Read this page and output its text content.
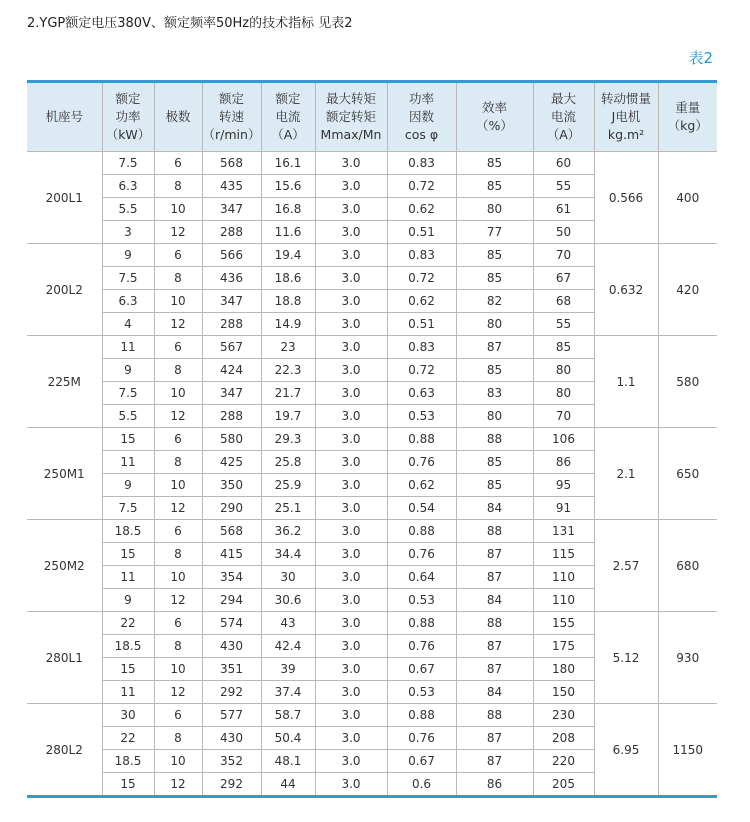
2.YGP额定电压380V、额定频率50Hz的技术指标 见表2
表2
机座号	额定
功率
（kW）	极数	额定
转速
（r/min）	额定
电流
（A）	最大转矩
额定转矩
Mmax/Mn	功率
因数
cos φ	效率
（%）	最大
电流
（A）	转动惯量
J电机
kg.m²	重量
（kg）

200L1	7.5	6	568	16.1	3.0	0.83	85	60	0.566	400
	6.3	8	435	15.6	3.0	0.72	85	55		
	5.5	10	347	16.8	3.0	0.62	80	61		
	3	12	288	11.6	3.0	0.51	77	50		
200L2	9	6	566	19.4	3.0	0.83	85	70	0.632	420
	7.5	8	436	18.6	3.0	0.72	85	67		
	6.3	10	347	18.8	3.0	0.62	82	68		
	4	12	288	14.9	3.0	0.51	80	55		
225M	11	6	567	23	3.0	0.83	87	85	1.1	580
	9	8	424	22.3	3.0	0.72	85	80		
	7.5	10	347	21.7	3.0	0.63	83	80		
	5.5	12	288	19.7	3.0	0.53	80	70		
250M1	15	6	580	29.3	3.0	0.88	88	106	2.1	650
	11	8	425	25.8	3.0	0.76	85	86		
	9	10	350	25.9	3.0	0.62	85	95		
	7.5	12	290	25.1	3.0	0.54	84	91		
250M2	18.5	6	568	36.2	3.0	0.88	88	131	2.57	680
	15	8	415	34.4	3.0	0.76	87	115		
	11	10	354	30	3.0	0.64	87	110		
	9	12	294	30.6	3.0	0.53	84	110		
280L1	22	6	574	43	3.0	0.88	88	155	5.12	930
	18.5	8	430	42.4	3.0	0.76	87	175		
	15	10	351	39	3.0	0.67	87	180		
	11	12	292	37.4	3.0	0.53	84	150		
280L2	30	6	577	58.7	3.0	0.88	88	230	6.95	1150
	22	8	430	50.4	3.0	0.76	87	208		
	18.5	10	352	48.1	3.0	0.67	87	220		
	15	12	292	44	3.0	0.6	86	205		
